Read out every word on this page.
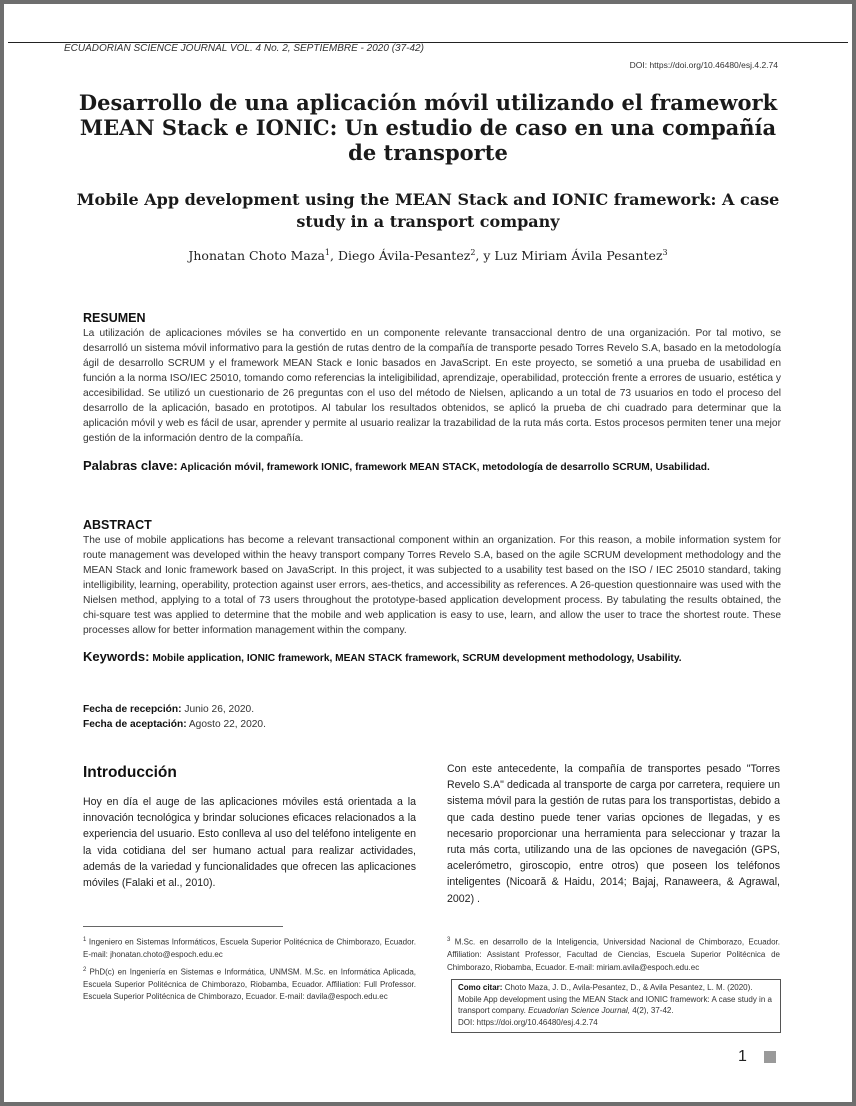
ECUADORIAN SCIENCE JOURNAL VOL. 4 No. 2, SEPTIEMBRE - 2020 (37-42)
DOI: https://doi.org/10.46480/esj.4.2.74
Desarrollo de una aplicación móvil utilizando el framework MEAN Stack e IONIC: Un estudio de caso en una compañía de transporte
Mobile App development using the MEAN Stack and IONIC framework: A case study in a transport company
Jhonatan Choto Maza$^1$, Diego Ávila-Pesantez$^2$, y Luz Miriam Ávila Pesantez$^3$
RESUMEN
La utilización de aplicaciones móviles se ha convertido en un componente relevante transaccional dentro de una organización. Por tal motivo, se desarrolló un sistema móvil informativo para la gestión de rutas dentro de la compañía de transporte pesado Torres Revelo S.A, basado en la metodología ágil de desarrollo SCRUM y el framework MEAN Stack e Ionic basados en JavaScript. En este proyecto, se sometió a una prueba de usabilidad en función a la norma ISO/IEC 25010, tomando como referencias la inteligibilidad, aprendizaje, operabilidad, protección frente a errores de usuario, estética y accesibilidad. Se utilizó un cuestionario de 26 preguntas con el uso del método de Nielsen, aplicando a un total de 73 usuarios en todo el proceso del desarrollo de la aplicación, basado en prototipos. Al tabular los resultados obtenidos, se aplicó la prueba de chi cuadrado para determinar que la aplicación móvil y web es fácil de usar, aprender y permite al usuario realizar la trazabilidad de la ruta más corta. Estos procesos permiten tener una mejor gestión de la información dentro de la compañía.
Palabras clave: Aplicación móvil, framework IONIC, framework MEAN STACK, metodología de desarrollo SCRUM, Usabilidad.
ABSTRACT
The use of mobile applications has become a relevant transactional component within an organization. For this reason, a mobile information system for route management was developed within the heavy transport company Torres Revelo S.A, based on the agile SCRUM development methodology and the MEAN Stack and Ionic framework based on JavaScript. In this project, it was subjected to a usability test based on the ISO / IEC 25010 standard, taking intelligibility, learning, operability, protection against user errors, aes-thetics, and accessibility as references. A 26-question questionnaire was used with the Nielsen method, applying to a total of 73 users throughout the prototype-based application development process. By tabulating the results obtained, the chi-square test was applied to determine that the mobile and web application is easy to use, learn, and allow the user to trace the shortest route. These processes allow for better information management within the company.
Keywords: Mobile application, IONIC framework, MEAN STACK framework, SCRUM development methodology, Usability.
Fecha de recepción: Junio 26, 2020.
Fecha de aceptación: Agosto 22, 2020.
Introducción
Hoy en día el auge de las aplicaciones móviles está orientada a la innovación tecnológica y brindar soluciones eficaces relacionados a la experiencia del usuario. Esto conlleva al uso del teléfono inteligente en la vida cotidiana del ser humano actual para realizar actividades, además de la variedad y funcionalidades que ofrecen las aplicaciones móviles (Falaki et al., 2010).
Con este antecedente, la compañía de transportes pesado "Torres Revelo S.A" dedicada al transporte de carga por carretera, requiere un sistema móvil para la gestión de rutas para los transportistas, debido a que cada destino puede tener varias opciones de llegadas, y es necesario proporcionar una herramienta para seleccionar y trazar la ruta más corta, utilizando una de las opciones de navegación (GPS, acelerómetro, giroscopio, entre otros) que poseen los teléfonos inteligentes (Nicoară & Haidu, 2014; Bajaj, Ranaweera, & Agrawal, 2002) .
$^1$ Ingeniero en Sistemas Informáticos, Escuela Superior Politécnica de Chimborazo, Ecuador. E-mail: jhonatan.choto@espoch.edu.ec
$^2$ PhD(c) en Ingeniería en Sistemas e Informática, UNMSM. M.Sc. en Informática Aplicada, Escuela Superior Politécnica de Chimborazo, Riobamba, Ecuador. Affiliation: Full Professor. Escuela Superior Politécnica de Chimborazo, Ecuador. E-mail: davila@espoch.edu.ec
$^3$ M.Sc. en desarrollo de la Inteligencia, Universidad Nacional de Chimborazo, Ecuador. Affiliation: Assistant Professor, Facultad de Ciencias, Escuela Superior Politécnica de Chimborazo, Riobamba, Ecuador. E-mail: miriam.avila@espoch.edu.ec
Como citar: Choto Maza, J. D., Avila-Pesantez, D., & Avila Pesantez, L. M. (2020). Mobile App development using the MEAN Stack and IONIC framework: A case study in a transport company. Ecuadorian Science Journal, 4(2), 37-42.
DOI: https://doi.org/10.46480/esj.4.2.74
1
